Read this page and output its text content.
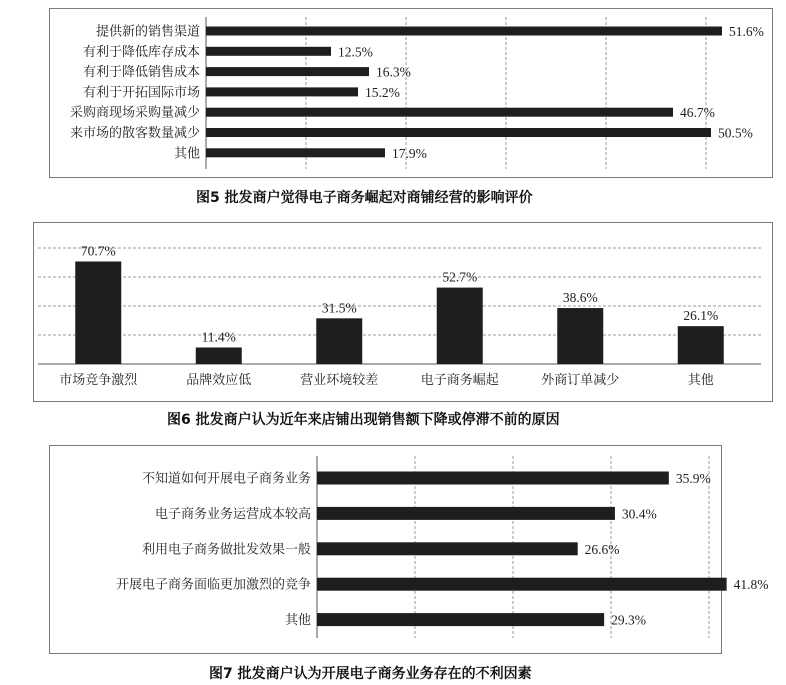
提供新的销售渠道	51.6%
有利于降低库存成本	12.5%
有利于降低销售成本	16.3%
有利于开拓国际市场	15.2%
采购商现场采购量减少	46.7%
来市场的散客数量减少	50.5%
其他	17.9%
图5 批发商户觉得电子商务崛起对商铺经营的影响评价
70.7%
市场竞争激烈
11.4%
品牌效应低
31.5%
营业环境较差
52.7%
电子商务崛起
38.6%
外商订单减少
26.1%
其他
图6 批发商户认为近年来店铺出现销售额下降或停滞不前的原因
不知道如何开展电子商务业务	35.9%
电子商务业务运营成本较高	30.4%
利用电子商务做批发效果一般	26.6%
开展电子商务面临更加激烈的竞争	41.8%
其他	29.3%
图7 批发商户认为开展电子商务业务存在的不利因素
